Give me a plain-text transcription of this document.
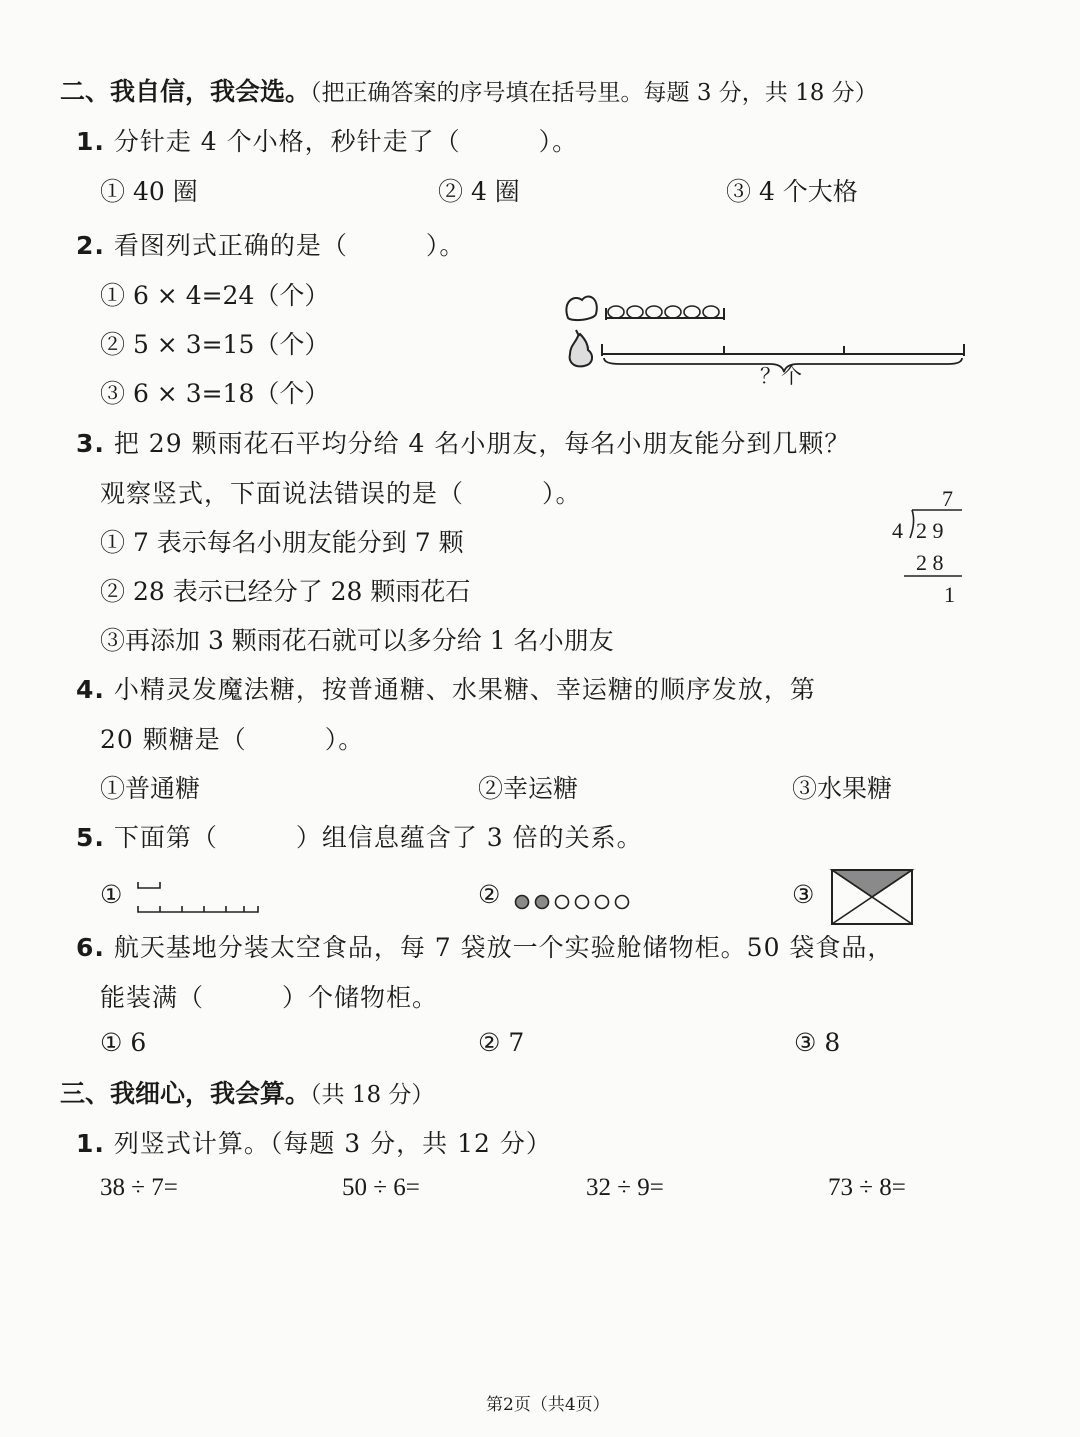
二、我自信，我会选。（把正确答案的序号填在括号里。每题 3 分，共 18 分）
1. 分针走 4 个小格，秒针走了（　　　）。
① 40 圈	② 4 圈	③ 4 个大格
2. 看图列式正确的是（　　　）。
① 6 × 4=24（个）
② 5 × 3=15（个）
③ 6 × 3=18（个）
？个
3. 把 29 颗雨花石平均分给 4 名小朋友，每名小朋友能分到几颗？
观察竖式，下面说法错误的是（　　　）。
① 7 表示每名小朋友能分到 7 颗
② 28 表示已经分了 28 颗雨花石
③再添加 3 颗雨花石就可以多分给 1 名小朋友
7
4 2 9
2 8
1
4. 小精灵发魔法糖，按普通糖、水果糖、幸运糖的顺序发放，第
20 颗糖是（　　　）。
①普通糖	②幸运糖	③水果糖
5. 下面第（　　　）组信息蕴含了 3 倍的关系。
①	②	③
6. 航天基地分装太空食品，每 7 袋放一个实验舱储物柜。50 袋食品，
能装满（　　　）个储物柜。
① 6	② 7	③ 8
三、我细心，我会算。（共 18 分）
1. 列竖式计算。（每题 3 分，共 12 分）
38 ÷ 7=	50 ÷ 6=	32 ÷ 9=	73 ÷ 8=
第2页（共4页）
